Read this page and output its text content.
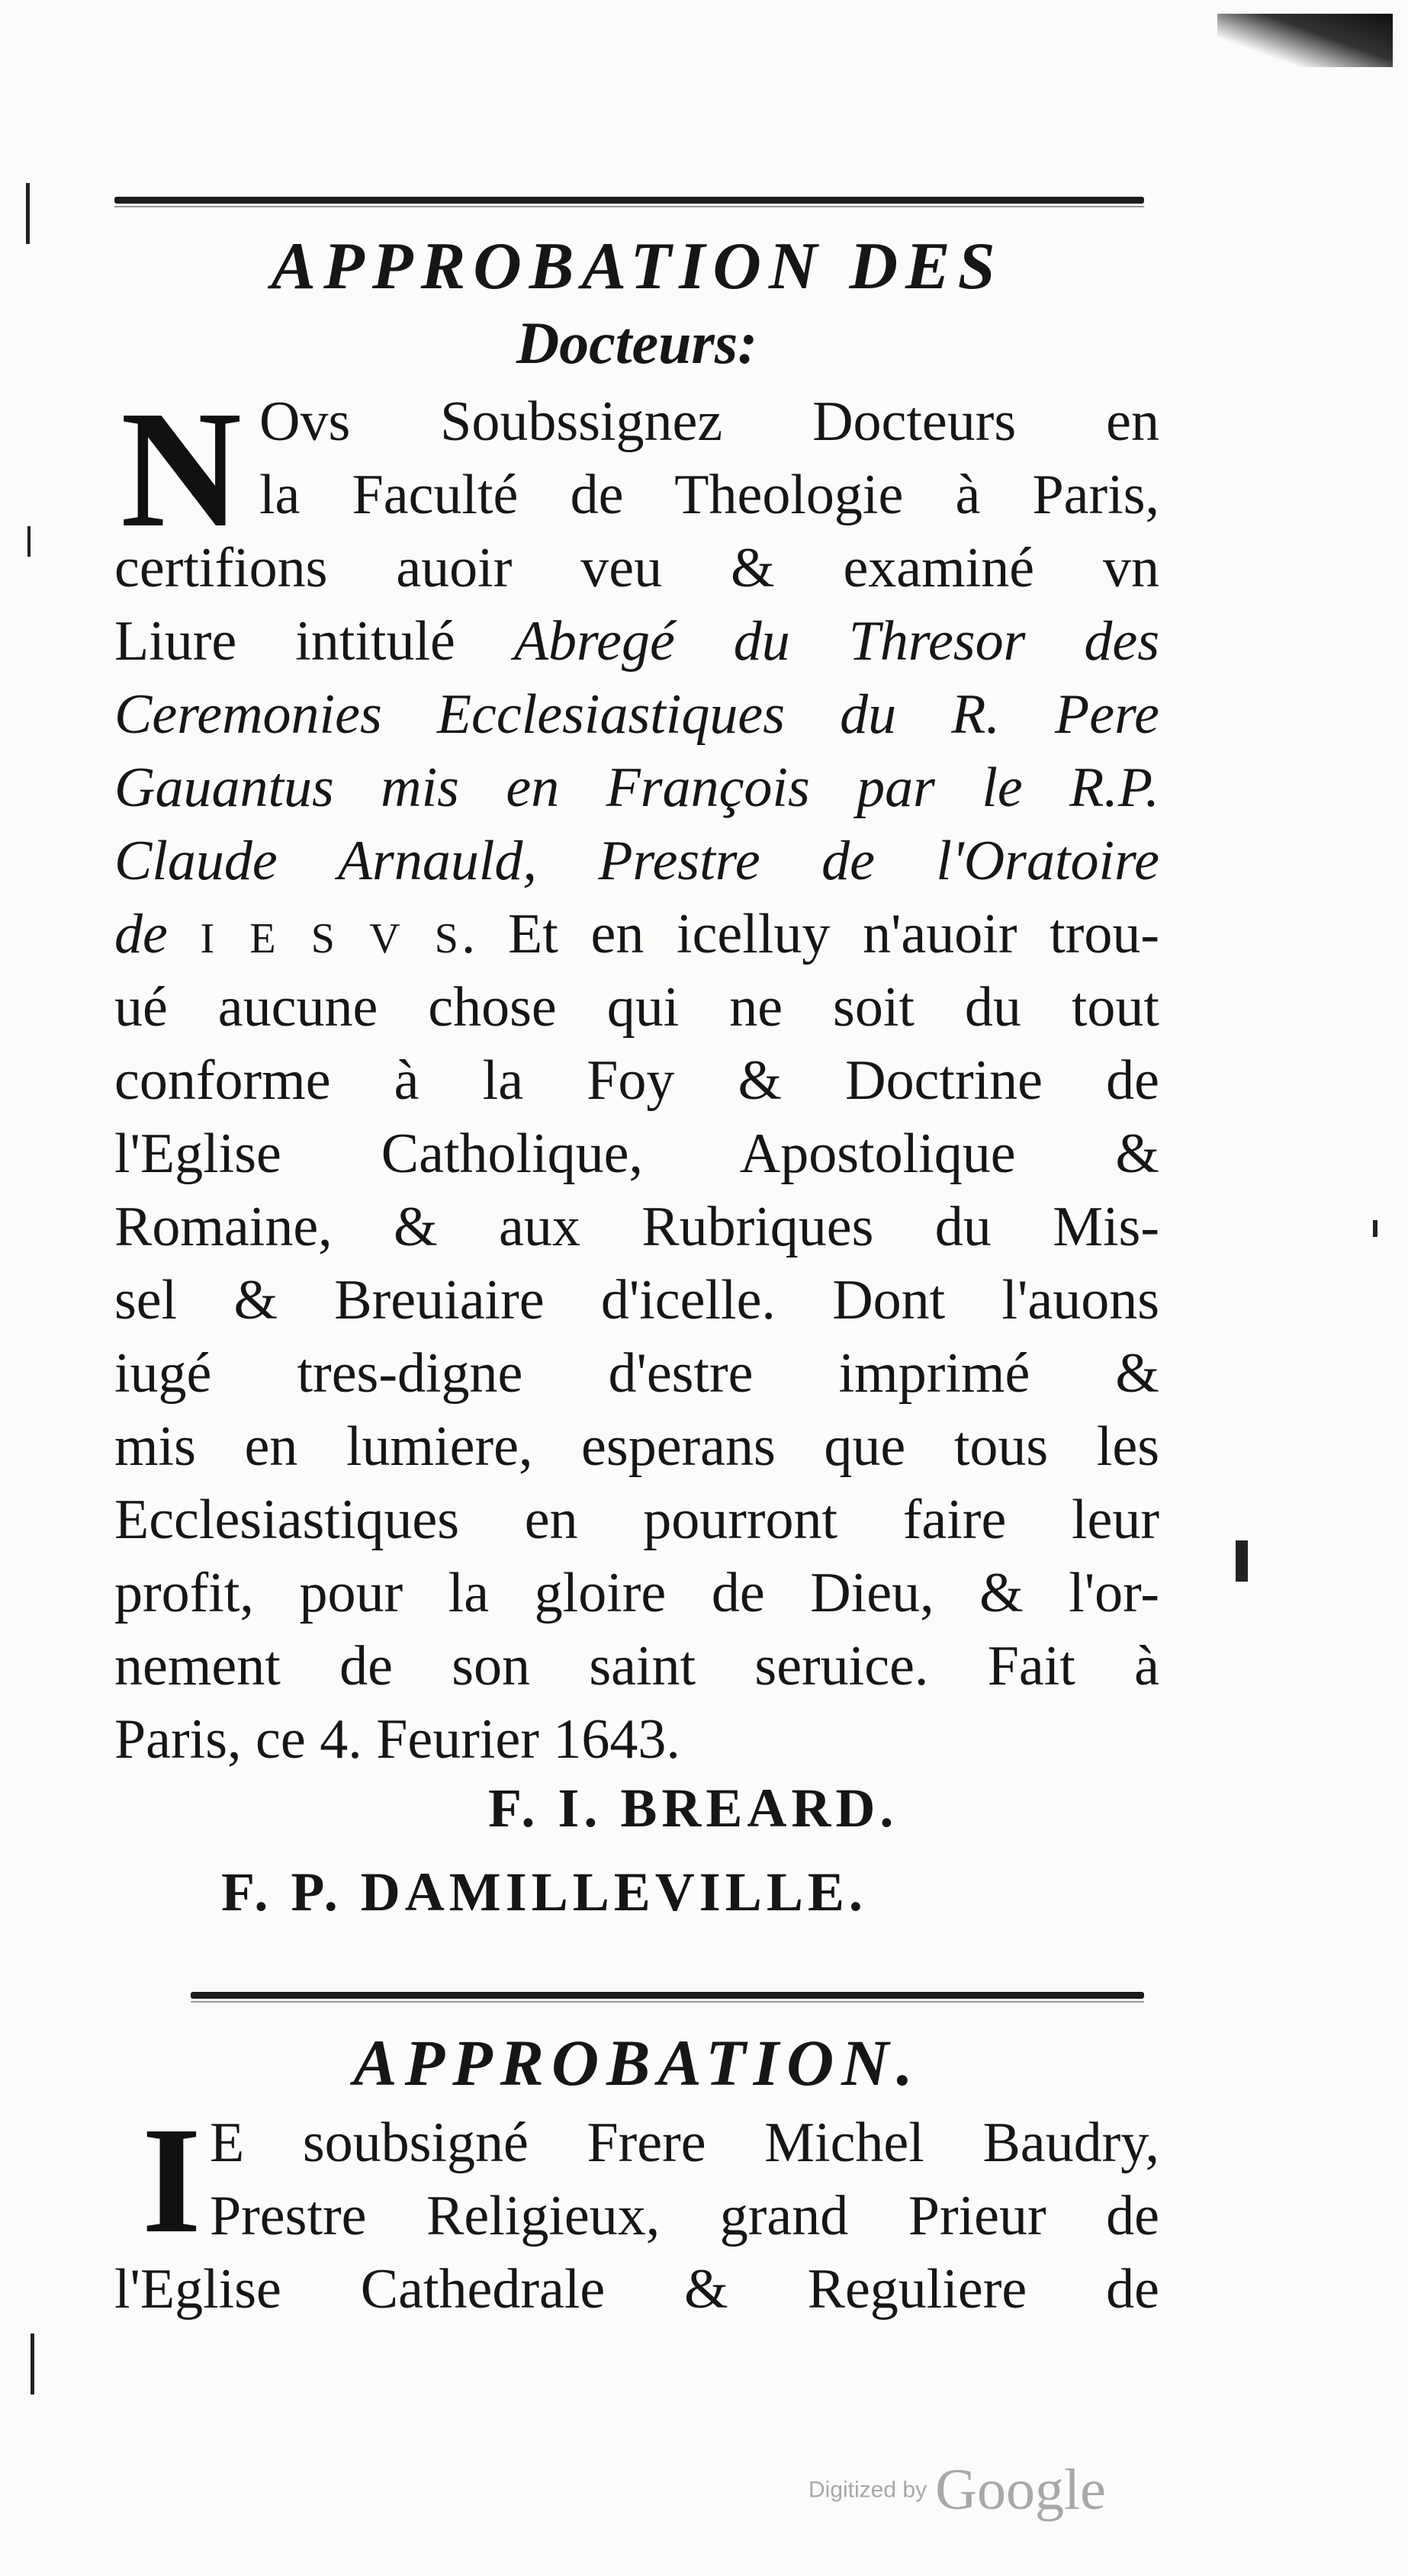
APPROBATION DES
Docteurs:
N Ovs Soubssignez Docteurs en
la Faculté de Theologie à Paris,
certifions auoir veu & examiné vn
Liure intitulé Abregé du Thresor des
Ceremonies Ecclesiastiques du R. Pere
Gauantus mis en François par le R.P.
Claude Arnauld, Prestre de l'Oratoire
de I E S V S. Et en icelluy n'auoir trou-
ué aucune chose qui ne soit du tout
conforme à la Foy & Doctrine de
l'Eglise Catholique, Apostolique &
Romaine, & aux Rubriques du Mis-
sel & Breuiaire d'icelle. Dont l'auons
iugé tres-digne d'estre imprimé &
mis en lumiere, esperans que tous les
Ecclesiastiques en pourront faire leur
profit, pour la gloire de Dieu, & l'or-
nement de son saint seruice. Fait à
Paris, ce 4. Feurier 1643.
F. I. BREARD.
F. P. DAMILLEVILLE.
APPROBATION.
I E soubsigné Frere Michel Baudry,
Prestre Religieux, grand Prieur de
l'Eglise Cathedrale & Reguliere de
Digitized by Google
